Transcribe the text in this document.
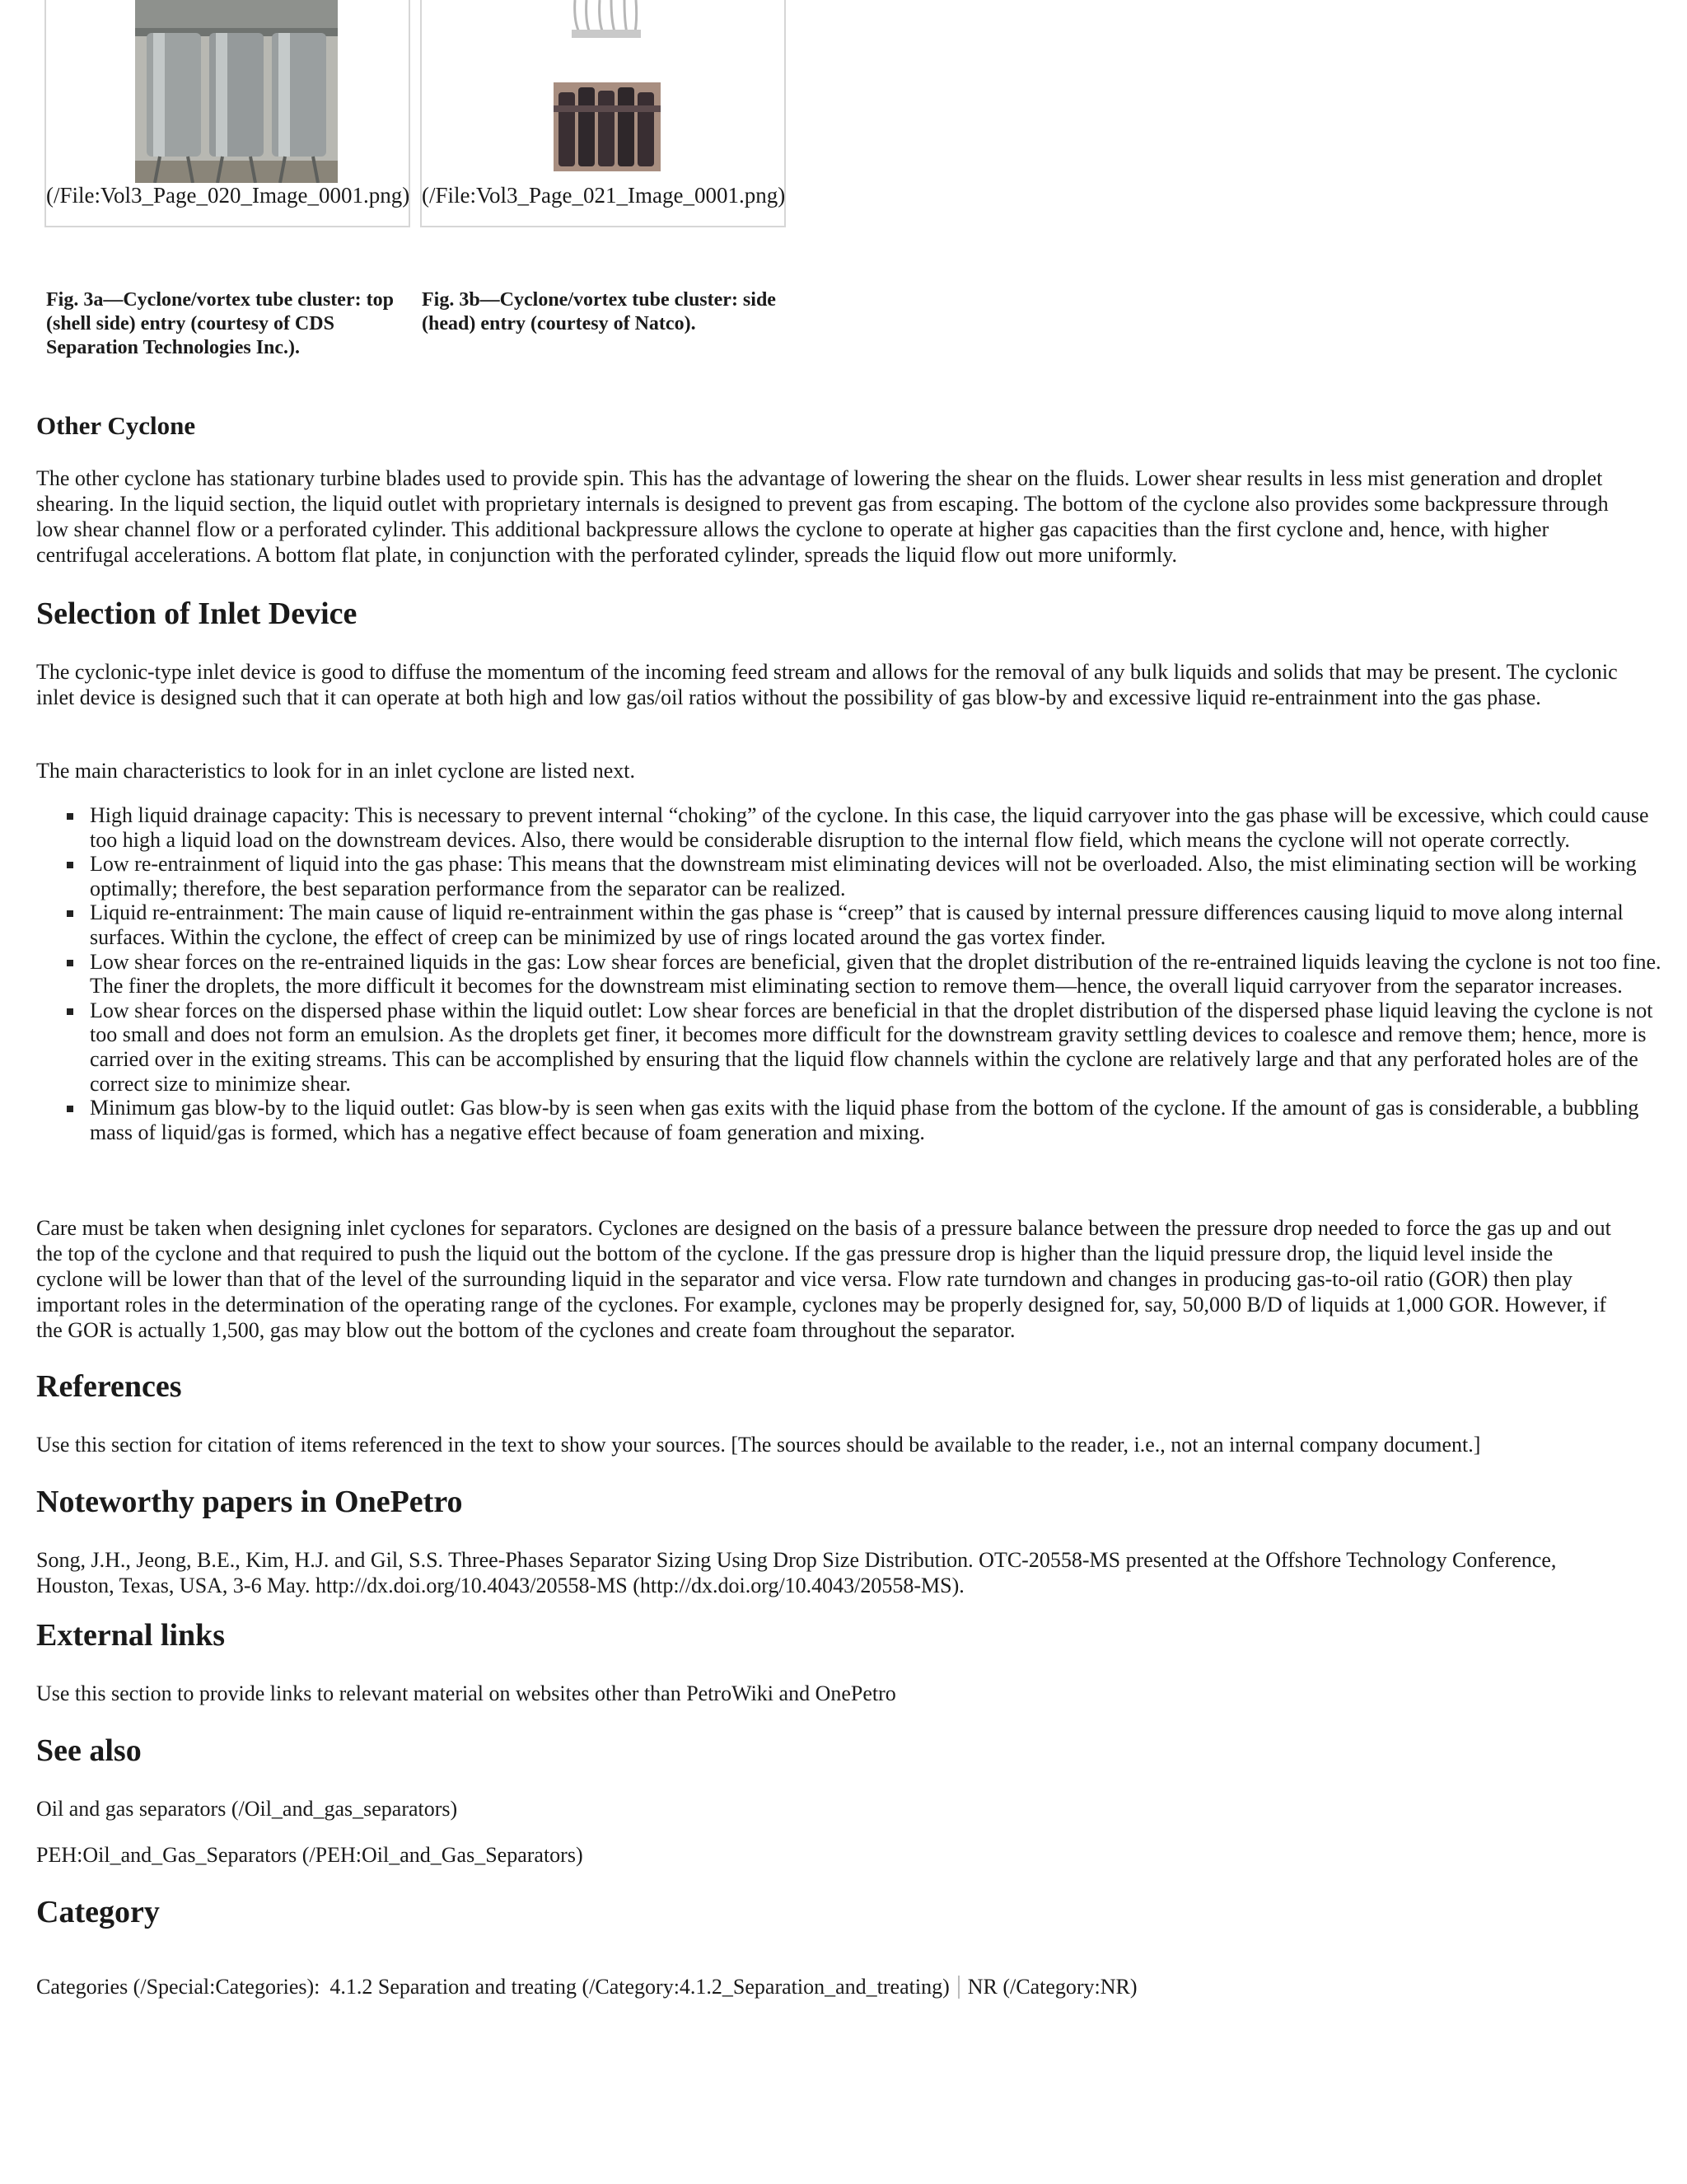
(/File:Vol3_Page_020_Image_0001.png) (/File:Vol3_Page_021_Image_0001.png)
Fig. 3a—Cyclone/vortex tube cluster: top (shell side) entry (courtesy of CDS Separation Technologies Inc.).
Fig. 3b—Cyclone/vortex tube cluster: side (head) entry (courtesy of Natco).
Other Cyclone

The other cyclone has stationary turbine blades used to provide spin. This has the advantage of lowering the shear on the fluids. Lower shear results in less mist generation and droplet shearing. In the liquid section, the liquid outlet with proprietary internals is designed to prevent gas from escaping. The bottom of the cyclone also provides some backpressure through low shear channel flow or a perforated cylinder. This additional backpressure allows the cyclone to operate at higher gas capacities than the first cyclone and, hence, with higher centrifugal accelerations. A bottom flat plate, in conjunction with the perforated cylinder, spreads the liquid flow out more uniformly.

Selection of Inlet Device

The cyclonic-type inlet device is good to diffuse the momentum of the incoming feed stream and allows for the removal of any bulk liquids and solids that may be present. The cyclonic inlet device is designed such that it can operate at both high and low gas/oil ratios without the possibility of gas blow-by and excessive liquid re-entrainment into the gas phase.

The main characteristics to look for in an inlet cyclone are listed next.

High liquid drainage capacity: This is necessary to prevent internal “choking” of the cyclone. In this case, the liquid carryover into the gas phase will be excessive, which could cause too high a liquid load on the downstream devices. Also, there would be considerable disruption to the internal flow field, which means the cyclone will not operate correctly.
Low re-entrainment of liquid into the gas phase: This means that the downstream mist eliminating devices will not be overloaded. Also, the mist eliminating section will be working optimally; therefore, the best separation performance from the separator can be realized.
Liquid re-entrainment: The main cause of liquid re-entrainment within the gas phase is “creep” that is caused by internal pressure differences causing liquid to move along internal surfaces. Within the cyclone, the effect of creep can be minimized by use of rings located around the gas vortex finder.
Low shear forces on the re-entrained liquids in the gas: Low shear forces are beneficial, given that the droplet distribution of the re-entrained liquids leaving the cyclone is not too fine. The finer the droplets, the more difficult it becomes for the downstream mist eliminating section to remove them—hence, the overall liquid carryover from the separator increases.
Low shear forces on the dispersed phase within the liquid outlet: Low shear forces are beneficial in that the droplet distribution of the dispersed phase liquid leaving the cyclone is not too small and does not form an emulsion. As the droplets get finer, it becomes more difficult for the downstream gravity settling devices to coalesce and remove them; hence, more is carried over in the exiting streams. This can be accomplished by ensuring that the liquid flow channels within the cyclone are relatively large and that any perforated holes are of the correct size to minimize shear.
Minimum gas blow-by to the liquid outlet: Gas blow-by is seen when gas exits with the liquid phase from the bottom of the cyclone. If the amount of gas is considerable, a bubbling mass of liquid/gas is formed, which has a negative effect because of foam generation and mixing.

Care must be taken when designing inlet cyclones for separators. Cyclones are designed on the basis of a pressure balance between the pressure drop needed to force the gas up and out the top of the cyclone and that required to push the liquid out the bottom of the cyclone. If the gas pressure drop is higher than the liquid pressure drop, the liquid level inside the cyclone will be lower than that of the level of the surrounding liquid in the separator and vice versa. Flow rate turndown and changes in producing gas-to-oil ratio (GOR) then play important roles in the determination of the operating range of the cyclones. For example, cyclones may be properly designed for, say, 50,000 B/D of liquids at 1,000 GOR. However, if the GOR is actually 1,500, gas may blow out the bottom of the cyclones and create foam throughout the separator.

References

Use this section for citation of items referenced in the text to show your sources. [The sources should be available to the reader, i.e., not an internal company document.]

Noteworthy papers in OnePetro

Song, J.H., Jeong, B.E., Kim, H.J. and Gil, S.S. Three-Phases Separator Sizing Using Drop Size Distribution. OTC-20558-MS presented at the Offshore Technology Conference, Houston, Texas, USA, 3-6 May. http://dx.doi.org/10.4043/20558-MS (http://dx.doi.org/10.4043/20558-MS).

External links

Use this section to provide links to relevant material on websites other than PetroWiki and OnePetro

See also

Oil and gas separators (/Oil_and_gas_separators)

PEH:Oil_and_Gas_Separators (/PEH:Oil_and_Gas_Separators)

Category
Categories (/Special:Categories): 4.1.2 Separation and treating (/Category:4.1.2_Separation_and_treating) NR (/Category:NR)
